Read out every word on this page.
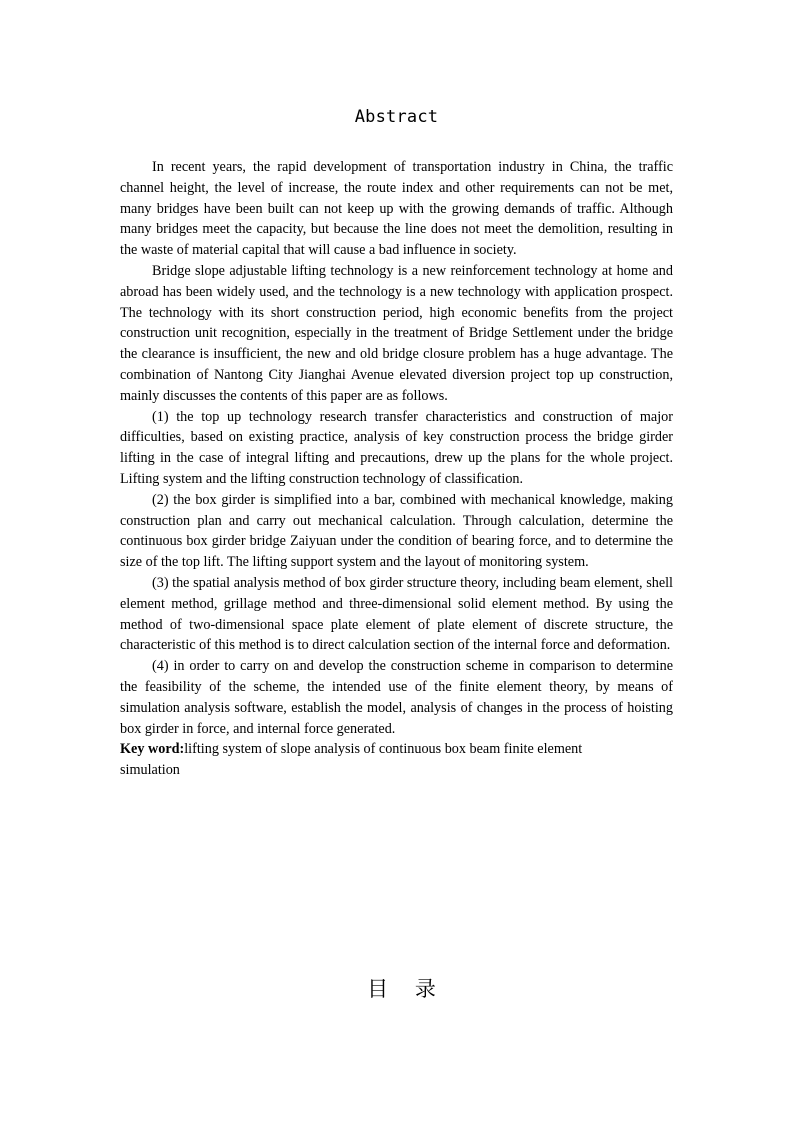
Abstract

In recent years, the rapid development of transportation industry in China, the traffic channel height, the level of increase, the route index and other requirements can not be met, many bridges have been built can not keep up with the growing demands of traffic. Although many bridges meet the capacity, but because the line does not meet the demolition, resulting in the waste of material capital that will cause a bad influence in society.

Bridge slope adjustable lifting technology is a new reinforcement technology at home and abroad has been widely used, and the technology is a new technology with application prospect. The technology with its short construction period, high economic benefits from the project construction unit recognition, especially in the treatment of Bridge Settlement under the bridge the clearance is insufficient, the new and old bridge closure problem has a huge advantage. The combination of Nantong City Jianghai Avenue elevated diversion project top up construction, mainly discusses the contents of this paper are as follows.

(1) the top up technology research transfer characteristics and construction of major difficulties, based on existing practice, analysis of key construction process the bridge girder lifting in the case of integral lifting and precautions, drew up the plans for the whole project. Lifting system and the lifting construction technology of classification.

(2) the box girder is simplified into a bar, combined with mechanical knowledge, making construction plan and carry out mechanical calculation. Through calculation, determine the continuous box girder bridge Zaiyuan under the condition of bearing force, and to determine the size of the top lift. The lifting support system and the layout of monitoring system.

(3) the spatial analysis method of box girder structure theory, including beam element, shell element method, grillage method and three-dimensional solid element method. By using the method of two-dimensional space plate element of plate element of discrete structure, the characteristic of this method is to direct calculation section of the internal force and deformation.

(4) in order to carry on and develop the construction scheme in comparison to determine the feasibility of the scheme, the intended use of the finite element theory, by means of simulation analysis software, establish the model, analysis of changes in the process of hoisting box girder in force, and internal force generated.

Key word:lifting system of slope analysis of continuous box beam finite element simulation

目 录
